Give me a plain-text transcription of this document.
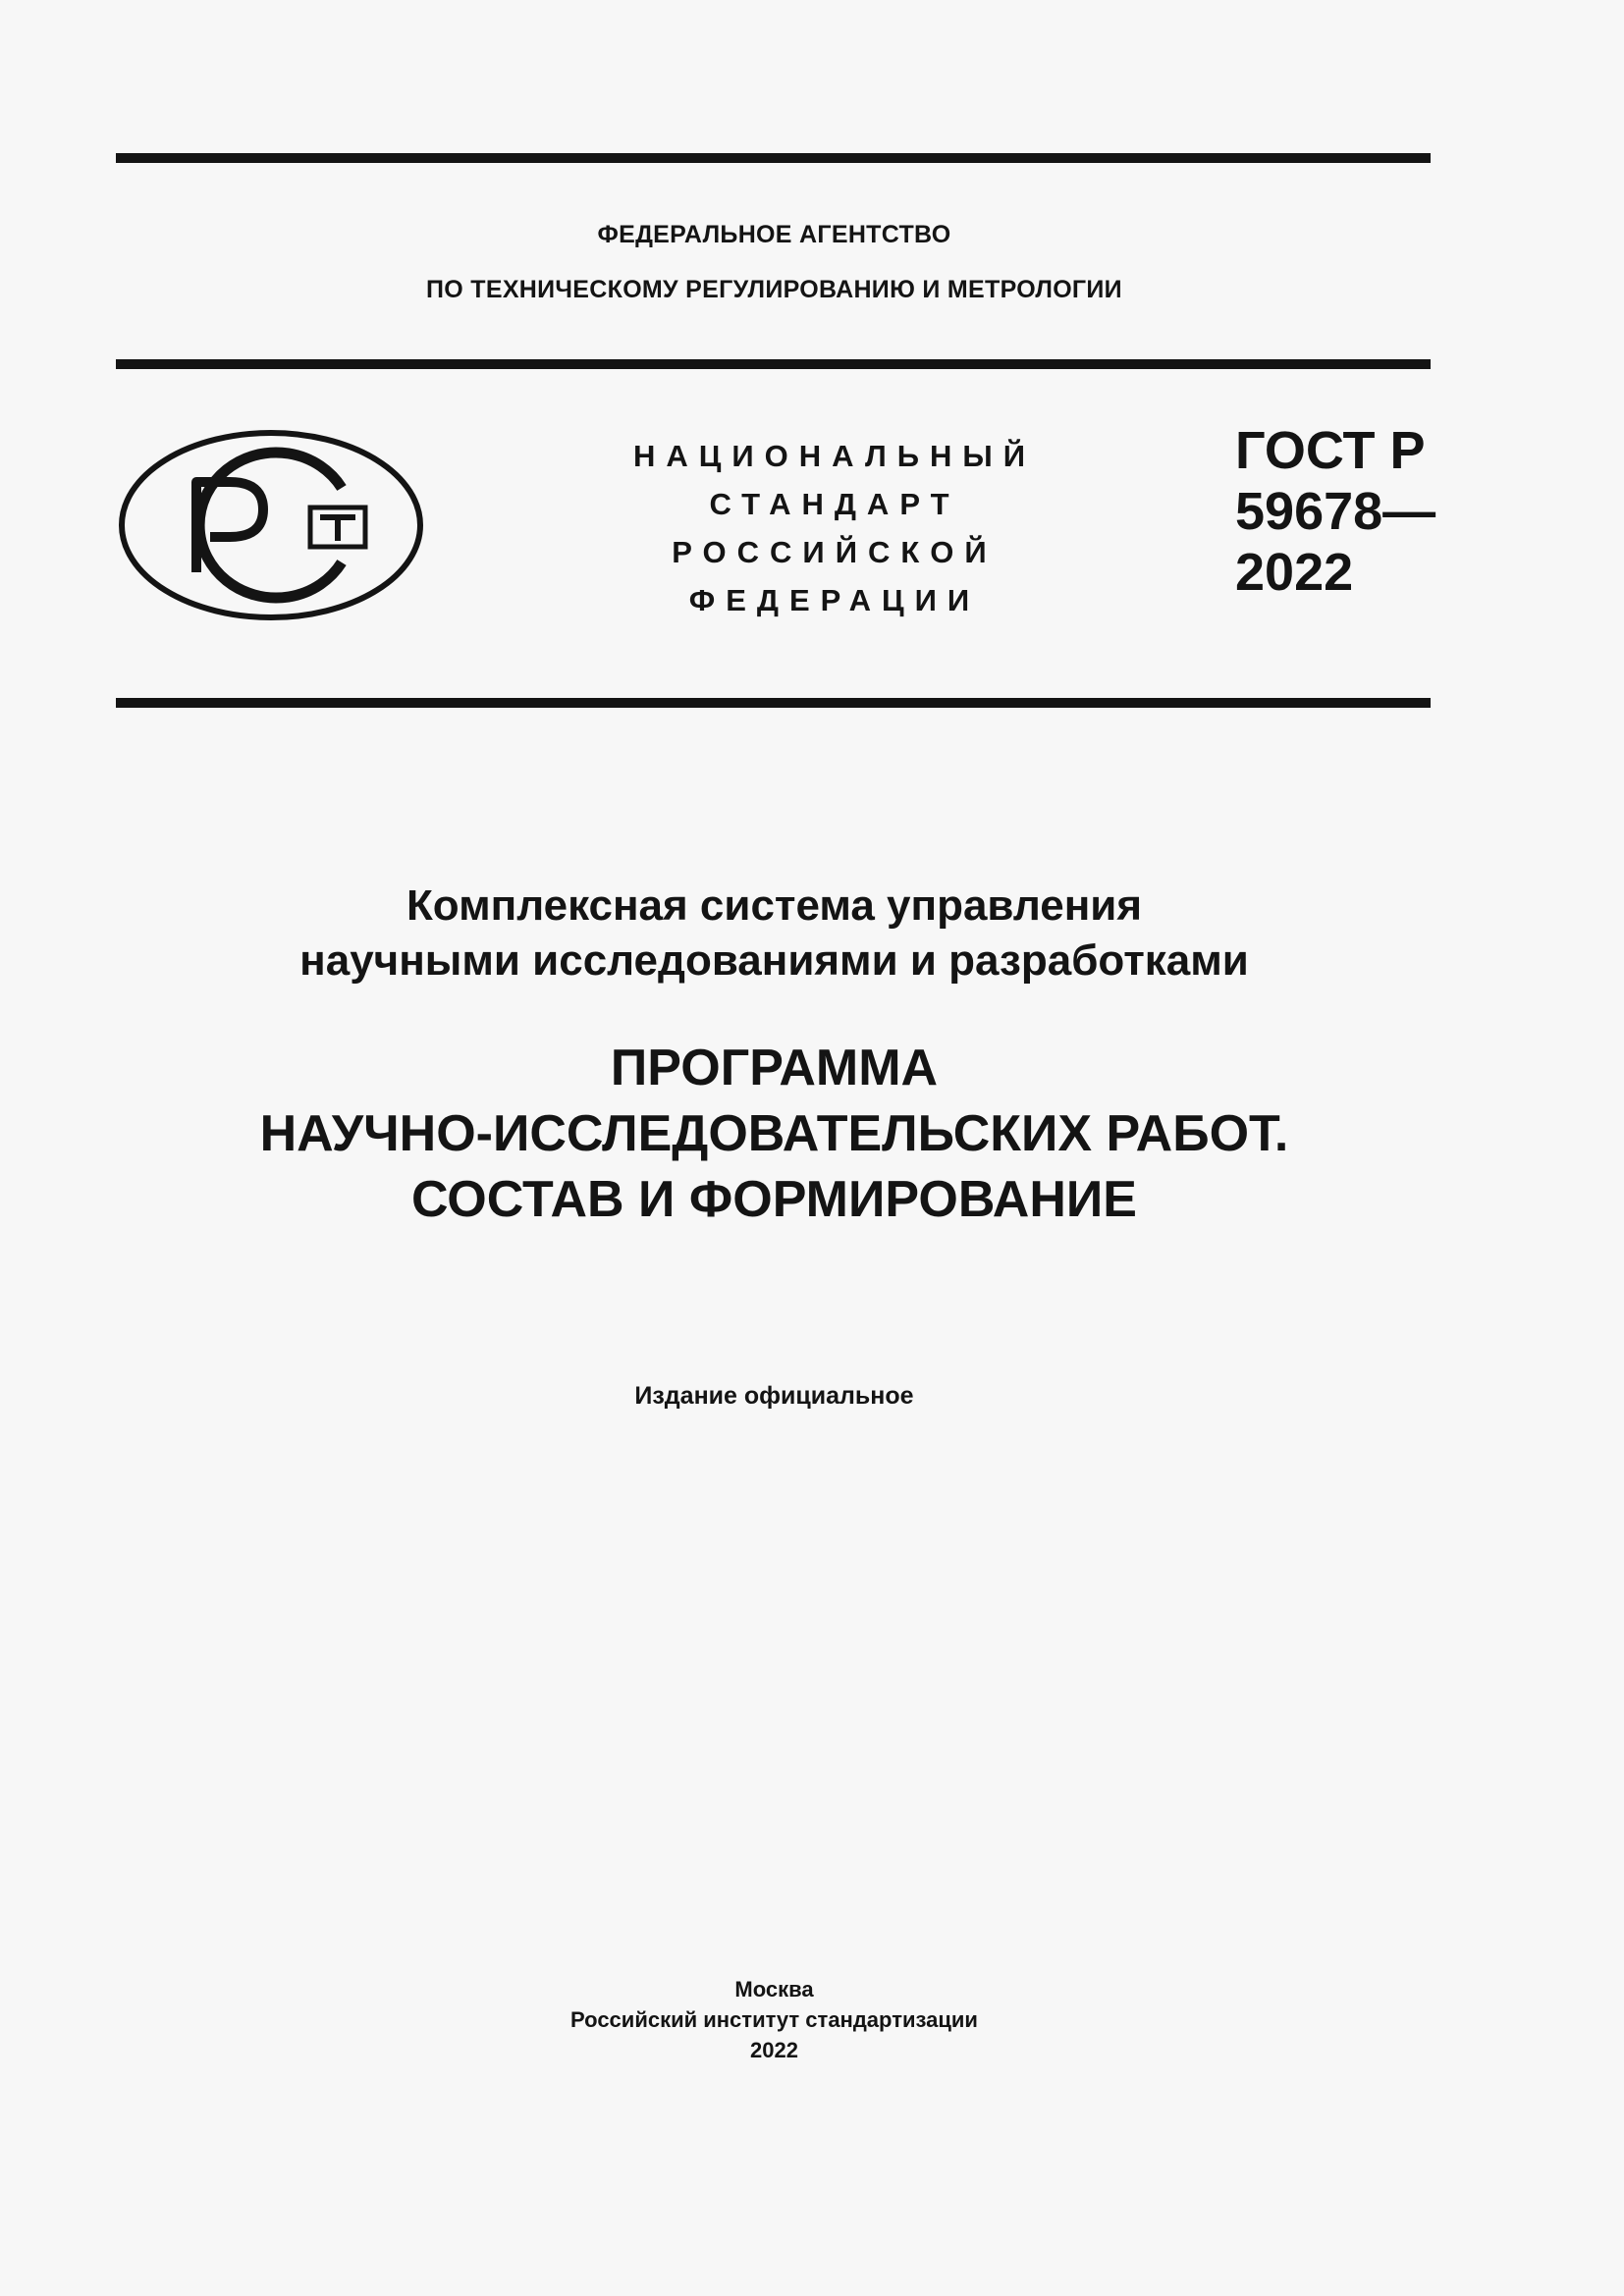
ФЕДЕРАЛЬНОЕ АГЕНТСТВО
ПО ТЕХНИЧЕСКОМУ РЕГУЛИРОВАНИЮ И МЕТРОЛОГИИ
НАЦИОНАЛЬНЫЙ
СТАНДАРТ
РОССИЙСКОЙ
ФЕДЕРАЦИИ
ГОСТ Р
59678—
2022
Комплексная система управления
научными исследованиями и разработками
ПРОГРАММА
НАУЧНО-ИССЛЕДОВАТЕЛЬСКИХ РАБОТ.
СОСТАВ И ФОРМИРОВАНИЕ
Издание официальное
Москва
Российский институт стандартизации
2022
